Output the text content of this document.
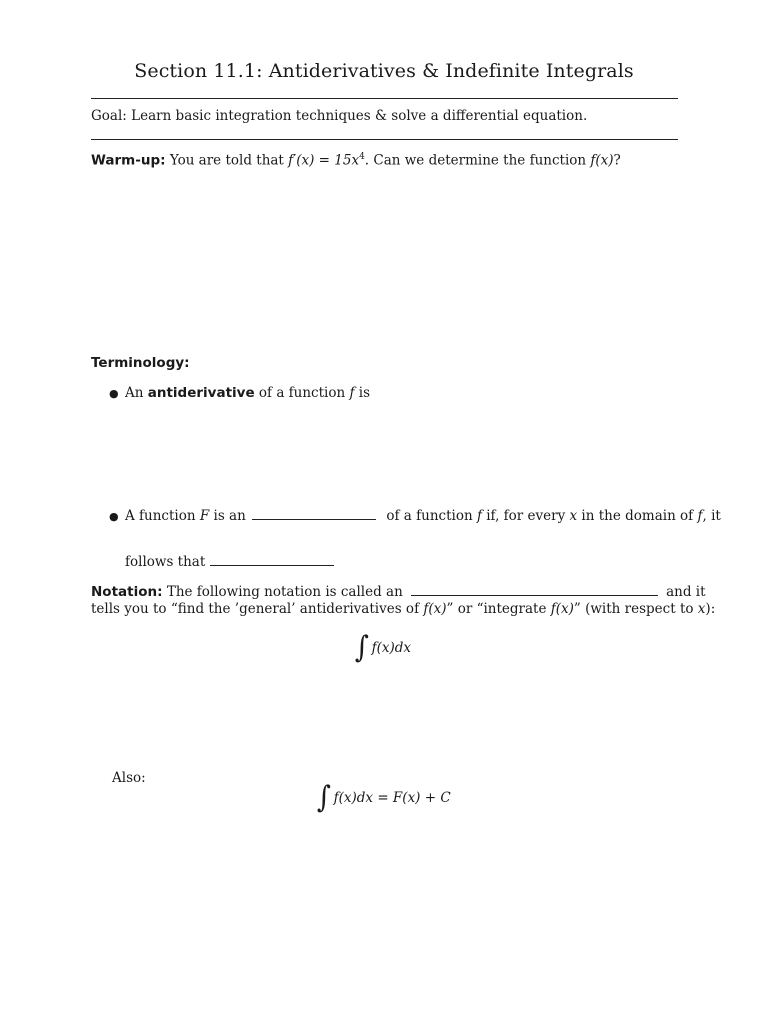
Section 11.1: Antiderivatives & Indefinite Integrals
Goal: Learn basic integration techniques & solve a differential equation.
Warm-up: You are told that $f'(x) = 15x^4$. Can we determine the function f(x)?
Terminology:
● An antiderivative of a function f is
● A function F is an	of a function f if, for every x in the domain of f, it
follows that
Notation: The following notation is called an	and it
tells you to “find the ’general’ antiderivatives of f(x)” or “integrate f(x)” (with respect to x):
∫ f(x)dx
Also:
∫ f(x)dx = F(x) + C
